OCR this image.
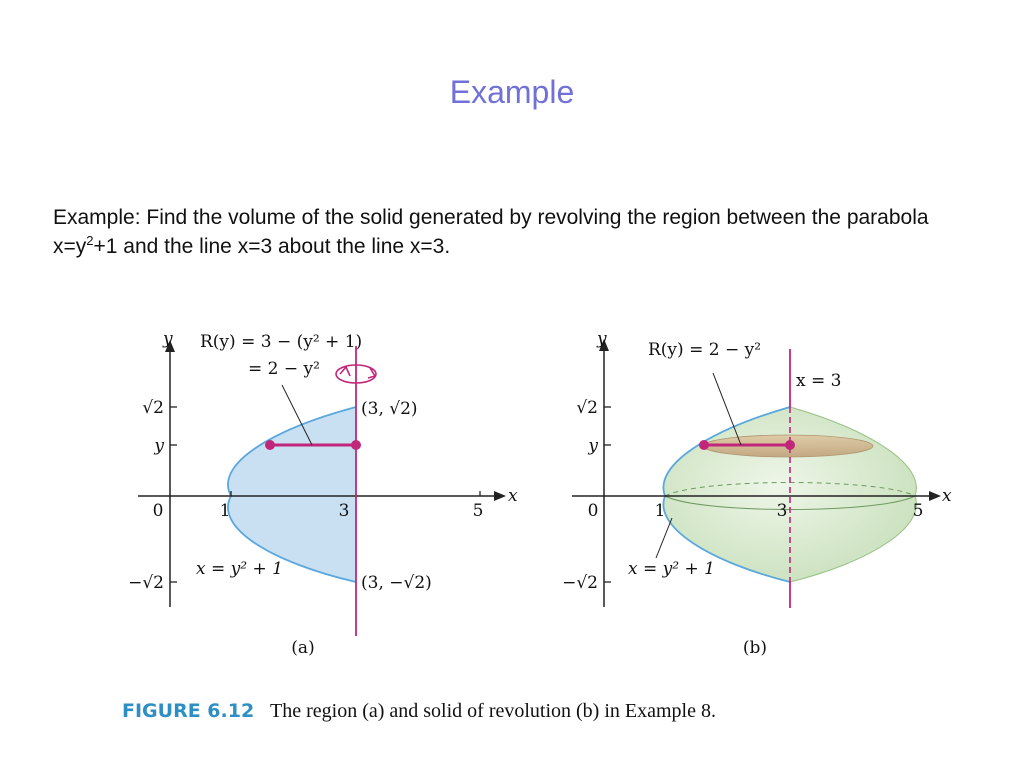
Example
Example: Find the volume of the solid generated by revolving the region between the parabola $x=y^2+1$ and the line x=3 about the line x=3.
y
x
R(y) = 3 − (y² + 1)
= 2 − y²
√2
y
0
−√2
1	3	5
(3, √2)
(3, −√2)
x = y² + 1
(a)
y
x
R(y) = 2 − y²
x = 3
√2
y
0
−√2
1	3	5
x = y² + 1
(b)
FIGURE 6.12 The region (a) and solid of revolution (b) in Example 8.
